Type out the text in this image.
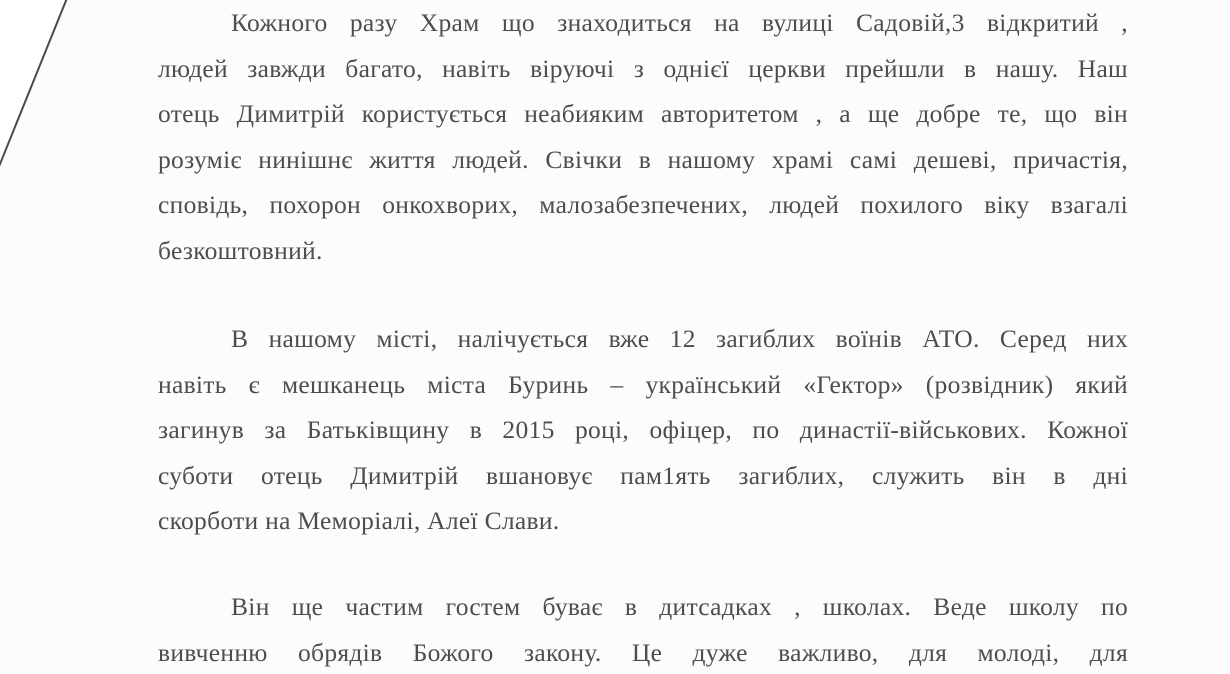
Кожного разу Храм що знаходиться на вулиці Садовій,3 відкритий ,
людей завжди багато, навіть віруючі з однієї церкви прейшли в нашу. Наш
отець Димитрій користується неабияким авторитетом , а ще добре те, що він
розуміє нинішнє життя людей. Свічки в нашому храмі самі дешеві, причастія,
сповідь, похорон онкохворих, малозабезпечених, людей похилого віку взагалі
безкоштовний.
В нашому місті, налічується вже 12 загиблих воїнів АТО. Серед них
навіть є мешканець міста Буринь – український «Гектор» (розвідник) який
загинув за Батьківщину в 2015 році, офіцер, по династії-військових. Кожної
суботи отець Димитрій вшановує пам1ять загиблих, служить він в дні
скорботи на Меморіалі, Алеї Слави.
Він ще частим гостем буває в дитсадках , школах. Веде школу по
вивченню обрядів Божого закону. Це дуже важливо, для молоді, для
